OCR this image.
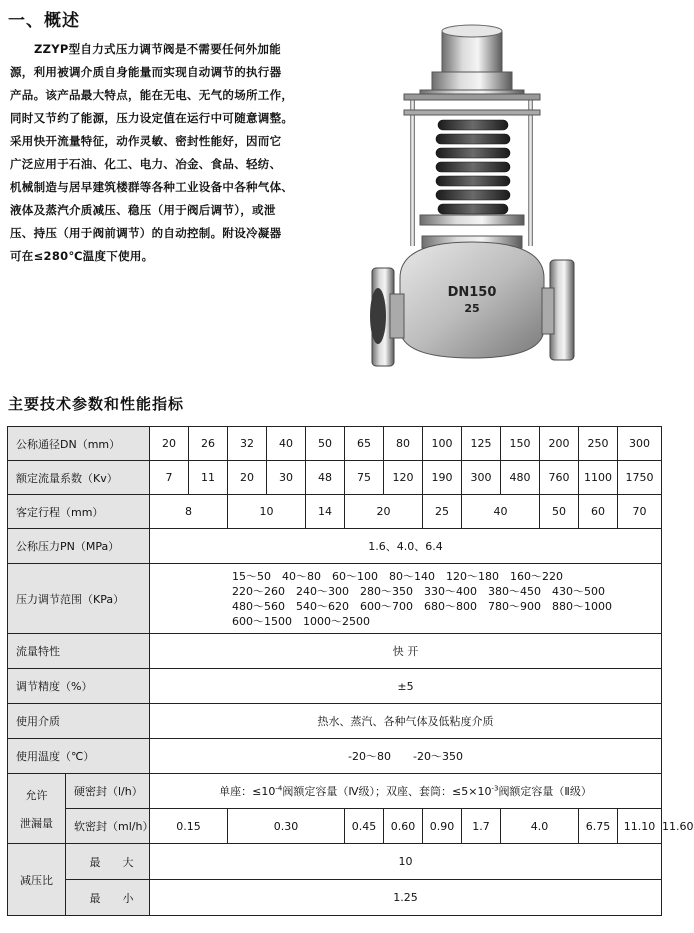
一、概述

ZZYP型自力式压力调节阀是不需要任何外加能

源，利用被调介质自身能量而实现自动调节的执行器

产品。该产品最大特点，能在无电、无气的场所工作，

同时又节约了能源，压力设定值在运行中可随意调整。

采用快开流量特征，动作灵敏、密封性能好，因而它

广泛应用于石油、化工、电力、冶金、食品、轻纺、

机械制造与居早建筑楼群等各种工业设备中各种气体、

液体及蒸汽介质减压、稳压（用于阀后调节），或泄

压、持压（用于阀前调节）的自动控制。附设冷凝器

可在≤280℃温度下使用。

DN150
25
主要技术参数和性能指标
公称通径DN（mm）		20	26	32	40	50	65	80	100	125	150	200	250	300	
额定流量系数（Kv）		7	11	20	30	48	75	120	190	300	480	760	1100	1750	
客定行程（mm）		8		10		14	20		25	40		50	60	70	
公称压力PN（MPa）		1.6、4.0、6.4													
压力调节范围（KPa）		15～50　40～80　60～100　80～140　120～180　160～220
220～260　240～300　280～350　330～400　380～450　430～500
480～560　540～620　600～700　680～800　780～900　880～1000
600～1500　1000～2500													

流量特性		快 开													
调节精度（%）		±5													
使用介质		热水、蒸汽、各种气体及低粘度介质													
使用温度（℃）		-20～80　　-20～350													

允许
泄漏量	硬密封（l/h）	单座：$\le 10^{-4}$阀额定容量（Ⅳ级）；双座、套筒：$\le 5\times 10^{-3}$阀额定容量（Ⅱ级）													
	软密封（ml/h）	0.15		0.30			0.45	0.60	0.90	1.7	4.0		6.75	11.10	11.60
减压比	最　　大	10													
	最　　小	1.25													
